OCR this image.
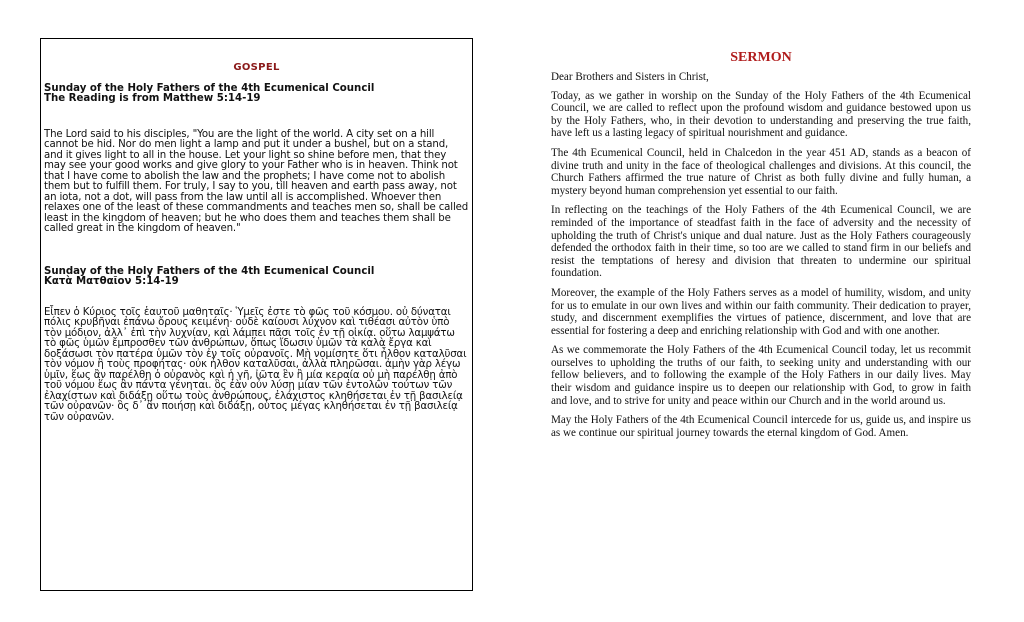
GOSPEL
Sunday of the Holy Fathers of the 4th Ecumenical Council
The Reading is from Matthew 5:14-19

The Lord said to his disciples, "You are the light of the world. A city set on a hill cannot be hid. Nor do men light a lamp and put it under a bushel, but on a stand, and it gives light to all in the house. Let your light so shine before men, that they may see your good works and give glory to your Father who is in heaven. Think not that I have come to abolish the law and the prophets; I have come not to abolish them but to fulfill them. For truly, I say to you, till heaven and earth pass away, not an iota, not a dot, will pass from the law until all is accomplished. Whoever then relaxes one of the least of these commandments and teaches men so, shall be called least in the kingdom of heaven; but he who does them and teaches them shall be called great in the kingdom of heaven."

Sunday of the Holy Fathers of the 4th Ecumenical Council
Κατὰ Ματθαῖον 5:14-19

Εἶπεν ὁ Κύριος τοῖς ἑαυτοῦ μαθηταῖς· Ὑμεῖς ἐστε τὸ φῶς τοῦ κόσμου. οὐ δύναται πόλις κρυβῆναι ἐπάνω ὄρους κειμένη· οὐδὲ καίουσι λύχνον καὶ τιθέασι αὐτὸν ὑπὸ τὸν μόδιον, ἀλλ᾿ ἐπὶ τὴν λυχνίαν, καὶ λάμπει πᾶσι τοῖς ἐν τῇ οἰκίᾳ. οὕτω λαμψάτω τὸ φῶς ὑμῶν ἔμπροσθεν τῶν ἀνθρώπων, ὅπως ἴδωσιν ὑμῶν τὰ καλὰ ἔργα καὶ δοξάσωσι τὸν πατέρα ὑμῶν τὸν ἐν τοῖς οὐρανοῖς. Μὴ νομίσητε ὅτι ἦλθον καταλῦσαι τὸν νόμον ἢ τοὺς προφήτας· οὐκ ἦλθον καταλῦσαι, ἀλλὰ πληρῶσαι. ἀμὴν γὰρ λέγω ὑμῖν, ἕως ἂν παρέλθῃ ὁ οὐρανὸς καὶ ἡ γῆ, ἰῶτα ἓν ἢ μία κεραία οὐ μὴ παρέλθῃ ἀπὸ τοῦ νόμου ἕως ἂν πάντα γένηται. ὃς ἐὰν οὖν λύσῃ μίαν τῶν ἐντολῶν τούτων τῶν ἐλαχίστων καὶ διδάξῃ οὕτω τοὺς ἀνθρώπους, ἐλάχιστος κληθήσεται ἐν τῇ βασιλείᾳ τῶν οὐρανῶν· ὃς δ᾿ ἂν ποιήσῃ καὶ διδάξῃ, οὗτος μέγας κληθήσεται ἐν τῇ βασιλείᾳ τῶν οὐρανῶν.

SERMON

Dear Brothers and Sisters in Christ,

Today, as we gather in worship on the Sunday of the Holy Fathers of the 4th Ecumenical Council, we are called to reflect upon the profound wisdom and guidance bestowed upon us by the Holy Fathers, who, in their devotion to understanding and preserving the true faith, have left us a lasting legacy of spiritual nourishment and guidance.

The 4th Ecumenical Council, held in Chalcedon in the year 451 AD, stands as a beacon of divine truth and unity in the face of theological challenges and divisions. At this council, the Church Fathers affirmed the true nature of Christ as both fully divine and fully human, a mystery beyond human comprehension yet essential to our faith.

In reflecting on the teachings of the Holy Fathers of the 4th Ecumenical Council, we are reminded of the importance of steadfast faith in the face of adversity and the necessity of upholding the truth of Christ's unique and dual nature. Just as the Holy Fathers courageously defended the orthodox faith in their time, so too are we called to stand firm in our beliefs and resist the temptations of heresy and division that threaten to undermine our spiritual foundation.

Moreover, the example of the Holy Fathers serves as a model of humility, wisdom, and unity for us to emulate in our own lives and within our faith community. Their dedication to prayer, study, and discernment exemplifies the virtues of patience, discernment, and love that are essential for fostering a deep and enriching relationship with God and with one another.

As we commemorate the Holy Fathers of the 4th Ecumenical Council today, let us recommit ourselves to upholding the truths of our faith, to seeking unity and understanding with our fellow believers, and to following the example of the Holy Fathers in our daily lives. May their wisdom and guidance inspire us to deepen our relationship with God, to grow in faith and love, and to strive for unity and peace within our Church and in the world around us.

May the Holy Fathers of the 4th Ecumenical Council intercede for us, guide us, and inspire us as we continue our spiritual journey towards the eternal kingdom of God. Amen.
